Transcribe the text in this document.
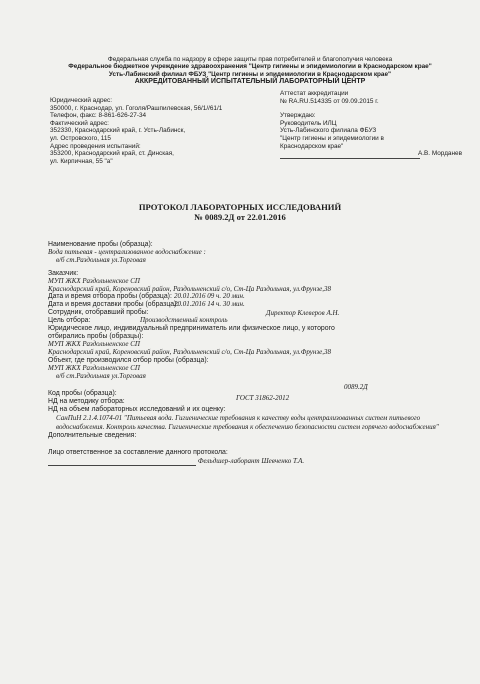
Федеральная служба по надзору в сфере защиты прав потребителей и благополучия человека
Федеральное бюджетное учреждение здравоохранения "Центр гигиены и эпидемиологии в Краснодарском крае"
Усть-Лабинский филиал ФБУЗ "Центр гигиены и эпидемиологии в Краснодарском крае"
АККРЕДИТОВАННЫЙ ИСПЫТАТЕЛЬНЫЙ ЛАБОРАТОРНЫЙ ЦЕНТР
Юридический адрес:
350000, г. Краснодар, ул. Гоголя/Рашпилевская, 56/1//61/1
Телефон, факс: 8-861-626-27-34
Фактический адрес:
352330, Краснодарский край, г. Усть-Лабинск,
ул. Островского, 115
Адрес проведения испытаний:
353200, Краснодарский край, ст. Динская,
ул. Кирпичная, 55 "а"
Аттестат аккредитации
№ RA.RU.514335 от 09.09.2015 г.
Утверждаю:
Руководитель ИЛЦ
Усть-Лабинского филиала ФБУЗ
"Центр гигиены и эпидемиологии в
Краснодарском крае"
А.В. Морданев
ПРОТОКОЛ ЛАБОРАТОРНЫХ ИССЛЕДОВАНИЙ
№ 0089.2Д от 22.01.2016
Наименование пробы (образца):
Вода питьевая - централизованное водоснабжение :
в/б ст.Раздольная ул.Торговая
Заказчик:
МУП ЖКХ Раздольненское СП
Краснодарский край, Кореновский район, Раздольненский с/о, Ст-Ца Раздольная, ул.Фрунзе,38
Дата и время отбора пробы (образца): 20.01.2016 09 ч. 20 мин.
Дата и время доставки пробы (образца):
20.01.2016 14 ч. 30 мин.
Сотрудник, отобравший пробы:	Директор Клеверов А.Н.
Цель отбора:	Производственный контроль
Юридическое лицо, индивидуальный предприниматель или физическое лицо, у которого
отбирались пробы (образцы):
МУП ЖКХ Раздольненское СП
Краснодарский край, Кореновский район, Раздольненский с/о, Ст-Ца Раздольная, ул.Фрунзе,38
Объект, где производился отбор пробы (образца):
МУП ЖКХ Раздольненское СП
в/б ст.Раздольная ул.Торговая
Код пробы (образца):
0089.2Д
НД на методику отбора:	ГОСТ 31862-2012
НД на объем лабораторных исследований и их оценку:
СанПиН 2.1.4.1074-01 "Питьевая вода. Гигиенические требования к качеству воды централизованных систем питьевого водоснабжения. Контроль качества. Гигиенические требования к обеспечению безопасности систем горячего водоснабжения"
Дополнительные сведения:
Лицо ответственное за составление данного протокола:
Фельдшер-лаборант Шевченко Т.А.
